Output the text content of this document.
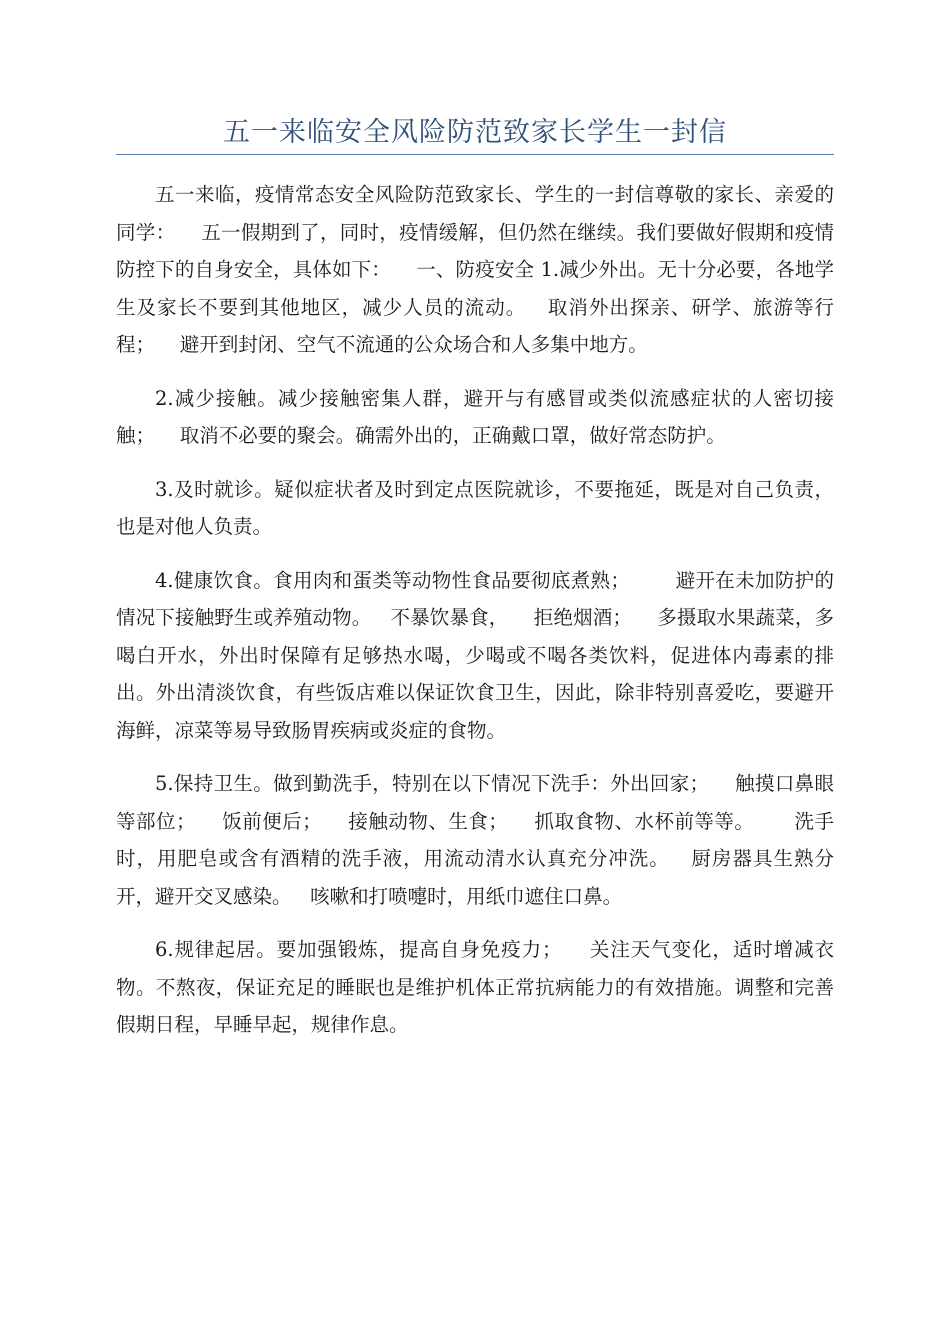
五一来临安全风险防范致家长学生一封信

五一来临，疫情常态安全风险防范致家长、学生的一封信尊敬的家长、亲爱的同学：    五一假期到了，同时，疫情缓解，但仍然在继续。我们要做好假期和疫情防控下的自身安全，具体如下：    一、防疫安全 1.减少外出。无十分必要，各地学生及家长不要到其他地区，减少人员的流动。   取消外出探亲、研学、旅游等行程；    避开到封闭、空气不流通的公众场合和人多集中地方。

2.减少接触。减少接触密集人群，避开与有感冒或类似流感症状的人密切接触；    取消不必要的聚会。确需外出的，正确戴口罩，做好常态防护。

3.及时就诊。疑似症状者及时到定点医院就诊，不要拖延，既是对自己负责，也是对他人负责。

4.健康饮食。食用肉和蛋类等动物性食品要彻底煮熟；       避开在未加防护的情况下接触野生或养殖动物。   不暴饮暴食，    拒绝烟酒；    多摄取水果蔬菜，多喝白开水，外出时保障有足够热水喝，少喝或不喝各类饮料，促进体内毒素的排出。外出清淡饮食，有些饭店难以保证饮食卫生，因此，除非特别喜爱吃，要避开海鲜，凉菜等易导致肠胃疾病或炎症的食物。

5.保持卫生。做到勤洗手，特别在以下情况下洗手：外出回家；    触摸口鼻眼等部位；    饭前便后；    接触动物、生食；    抓取食物、水杯前等等。      洗手时，用肥皂或含有酒精的洗手液，用流动清水认真充分冲洗。   厨房器具生熟分开，避开交叉感染。   咳嗽和打喷嚏时，用纸巾遮住口鼻。

6.规律起居。要加强锻炼，提高自身免疫力；    关注天气变化，适时增减衣物。不熬夜，保证充足的睡眠也是维护机体正常抗病能力的有效措施。调整和完善假期日程，早睡早起，规律作息。
